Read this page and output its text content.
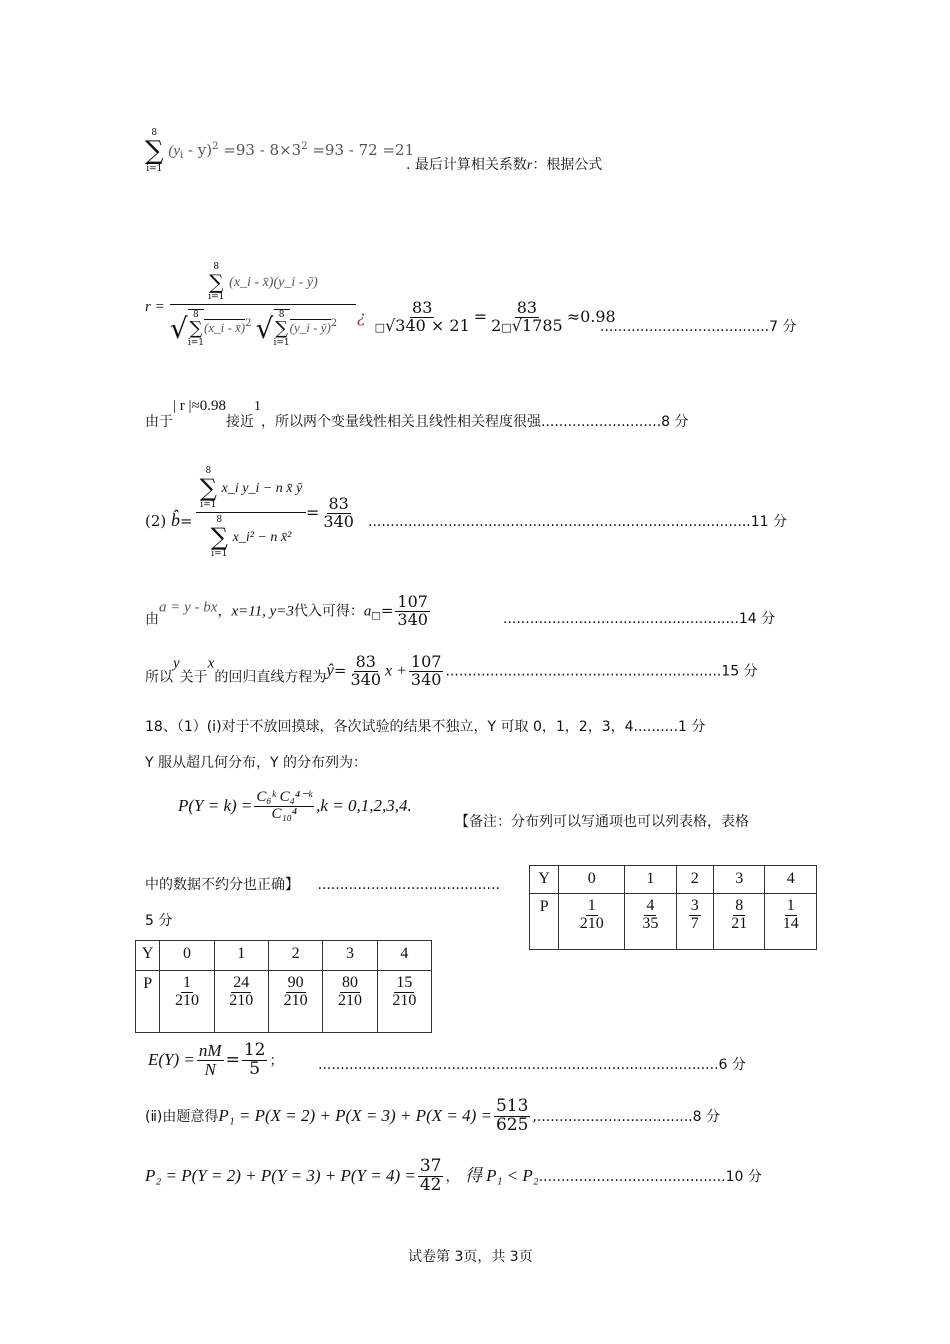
8
∑
i=1
$(y_i - y)^2 =93 - 8\times 3^2 =93 - 72 =21$
. 最后计算相关系数r：根据公式
r = 8
∑
i=1
(x_i - x̄)(y_i - ȳ)
√ 8
∑
i=1
(x_i - x̄)$^2$ √ 8
∑
i=1
(y_i - ȳ)$^2$ ¿ $\frac{83}{□√340 \times 21} = \frac{83}{2□√1785} \approx 0.98$
......................................7 分
由于| r |≈0.98接近1，所以两个变量线性相关且线性相关程度很强...........................8 分
(2) b̂= 8
∑
i=1
x_i y_i − n x̄ ȳ
8
∑
i=1
x_i² − n x̄² = $\frac{83}{340} ......................................................................................11$ 分
由a = y - bx，x=11, y=3代入可得：$a_□= \frac{107}{340}$	.....................................................14 分
所以y关于x的回归直线方程为ŷ= $\frac{83}{340}$ $x + \frac{107}{340} ..............................................................15$ 分
18、（1）(ⅰ)对于不放回摸球，各次试验的结果不独立，Y 可取 0，1，2，3，4..........1 分
Y 服从超几何分布，Y 的分布列为：
$P(Y = k) = \frac{\text{C₆ᵏ C₄⁴⁻ᵏ}}{\text{C₁₀⁴}} ,k = 0,1,2,3,4$.
【备注：分布列可以写通项也可以列表格，表格
中的数据不约分也正确】 .........................................
5 分
Y	0	1	2	3	4
P	$\frac{1}{210}$	$\frac{4}{35}$	$\frac{3}{7}$	$\frac{8}{21}$	$\frac{1}{14}$
Y	0	1	2	3	4
P	$\frac{1}{210}$	$\frac{24}{210}$	$\frac{90}{210}$	$\frac{80}{210}$	$\frac{15}{210}$
$E(Y) = \frac{nM}{N} = \frac{12}{5}$ ； ..........................................................................................6 分
(ⅱ)由题意得$P_1 = P(X = 2) + P(X = 3) + P(X = 4) = \frac{513}{625} ,...................................8$ 分
$P_2 = P(Y = 2) + P(Y = 3) + P(Y = 4) = \frac{37}{42}$ ， 得 P₁ < P₂..........................................10 分
试卷第 3页，共 3页
